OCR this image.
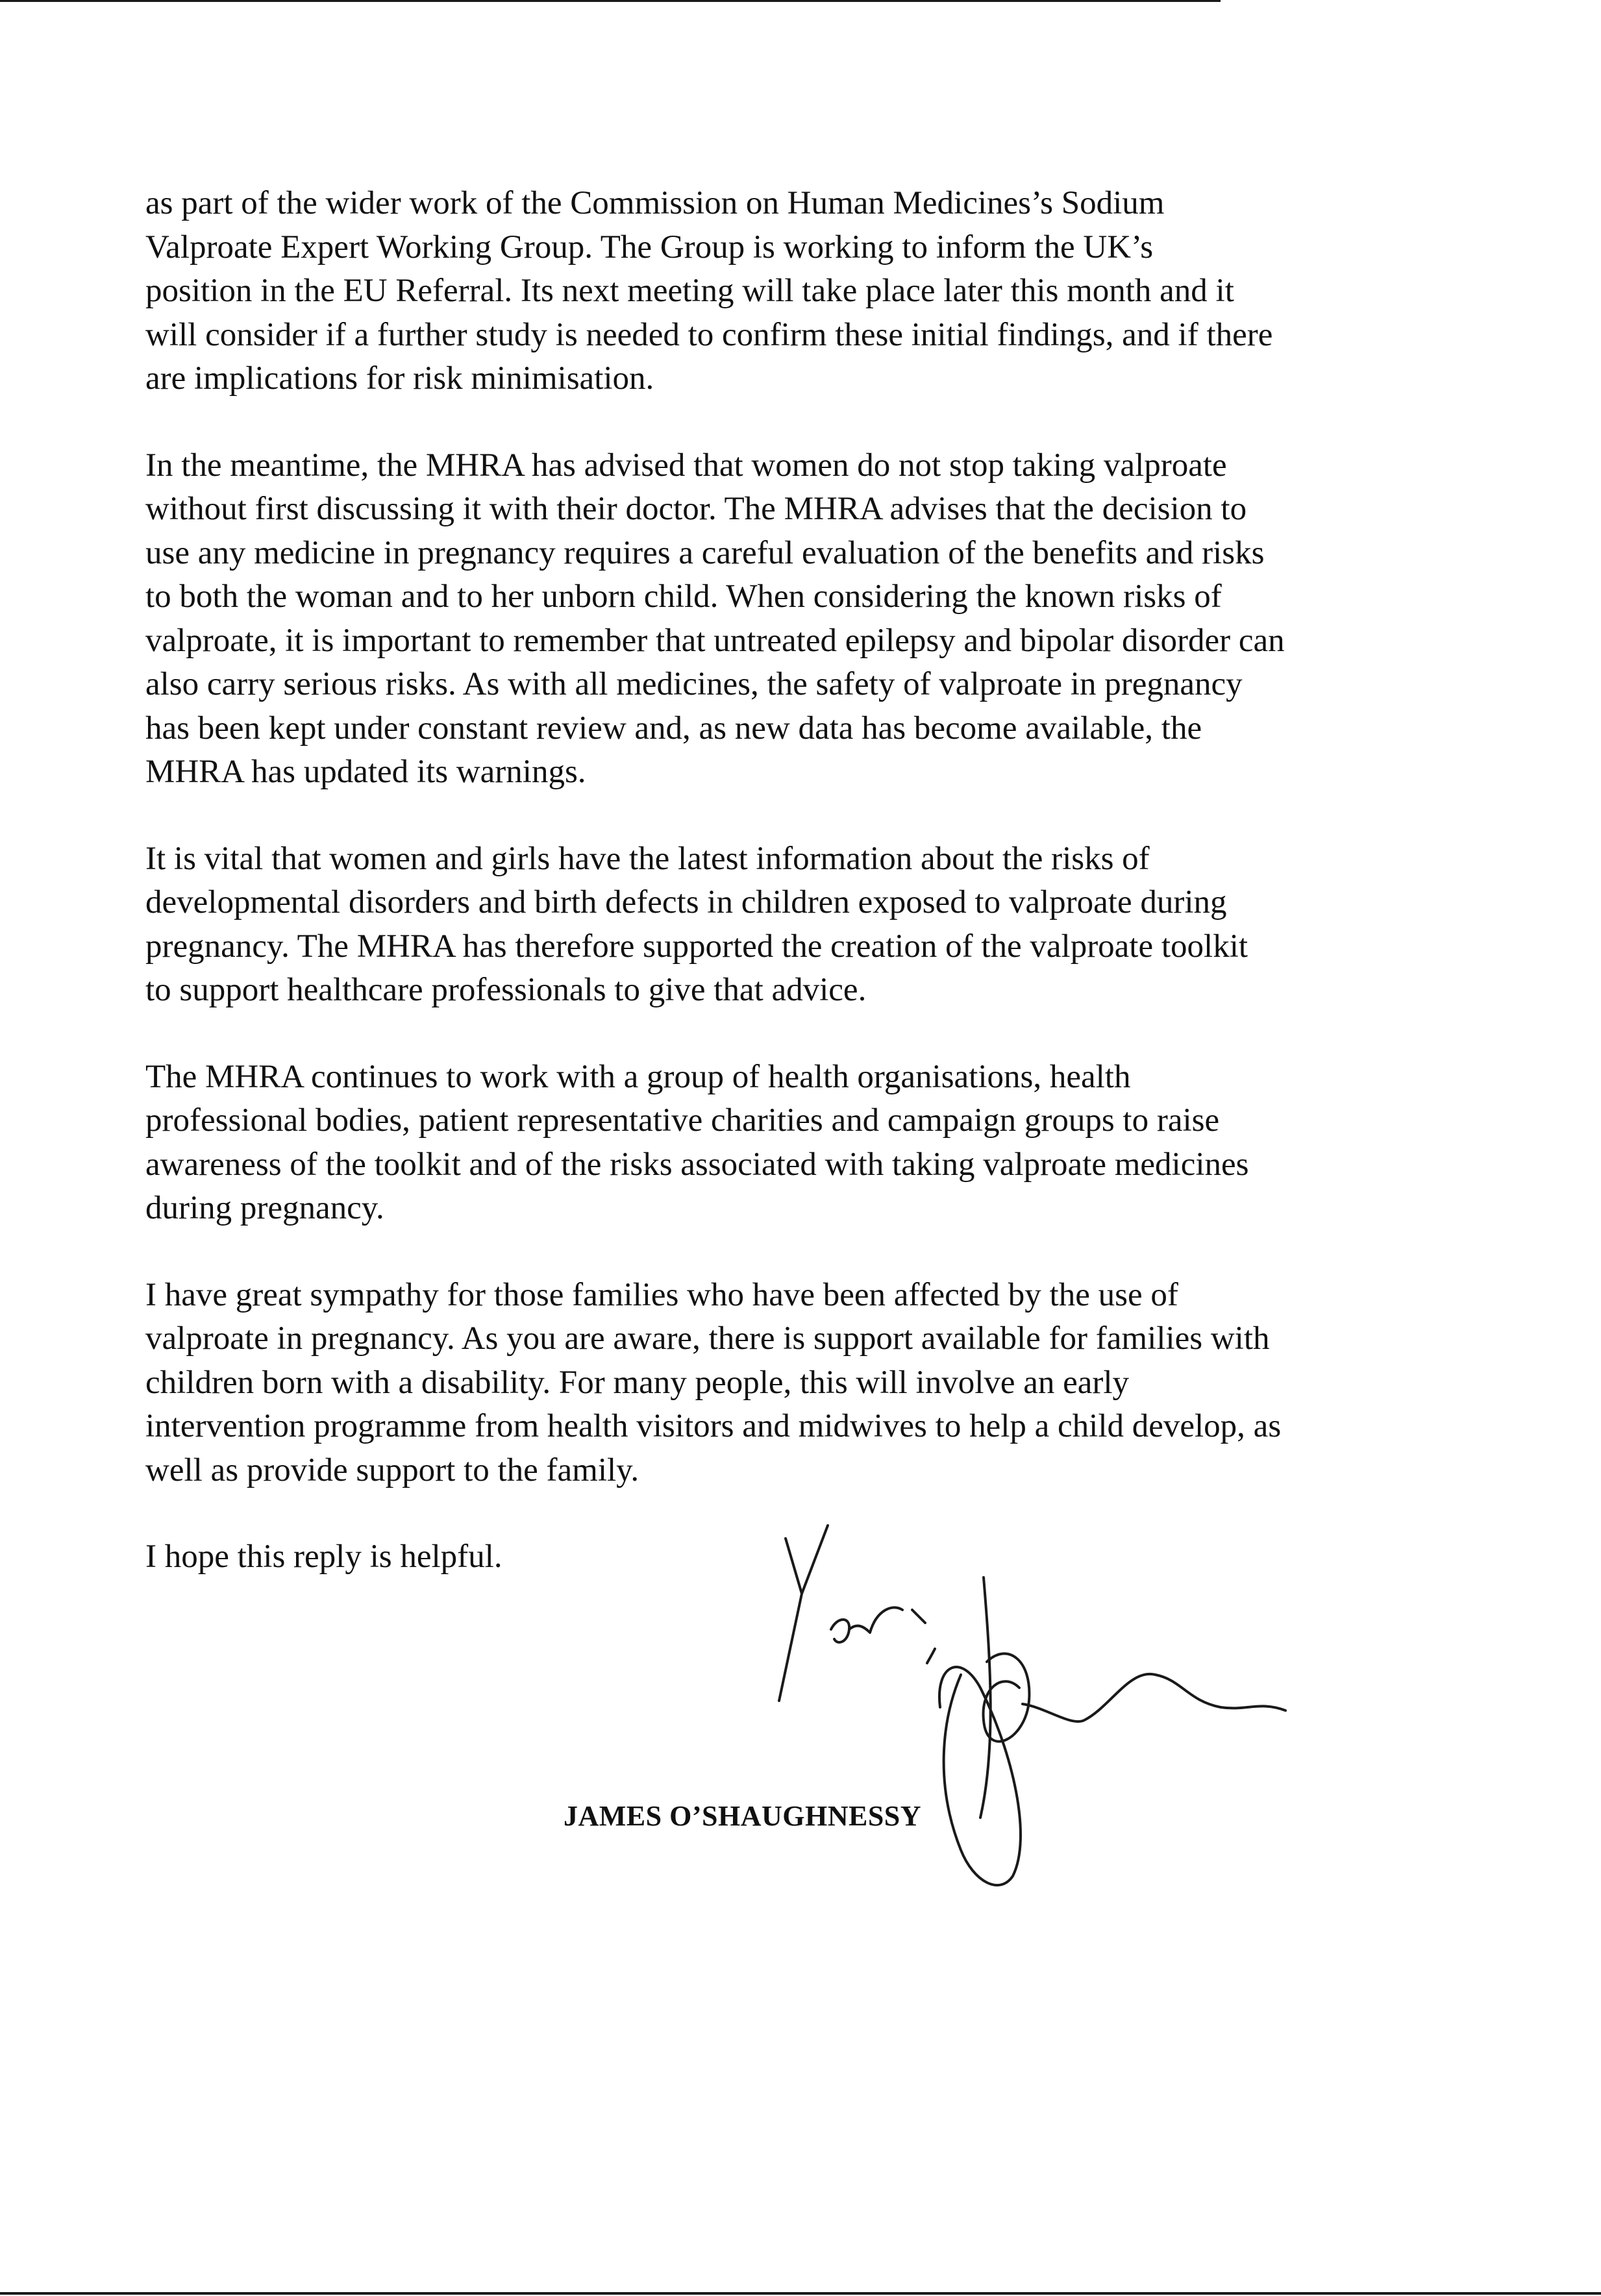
as part of the wider work of the Commission on Human Medicines’s Sodium
Valproate Expert Working Group. The Group is working to inform the UK’s
position in the EU Referral. Its next meeting will take place later this month and it
will consider if a further study is needed to confirm these initial findings, and if there
are implications for risk minimisation.

In the meantime, the MHRA has advised that women do not stop taking valproate
without first discussing it with their doctor. The MHRA advises that the decision to
use any medicine in pregnancy requires a careful evaluation of the benefits and risks
to both the woman and to her unborn child. When considering the known risks of
valproate, it is important to remember that untreated epilepsy and bipolar disorder can
also carry serious risks. As with all medicines, the safety of valproate in pregnancy
has been kept under constant review and, as new data has become available, the
MHRA has updated its warnings.

It is vital that women and girls have the latest information about the risks of
developmental disorders and birth defects in children exposed to valproate during
pregnancy. The MHRA has therefore supported the creation of the valproate toolkit
to support healthcare professionals to give that advice.

The MHRA continues to work with a group of health organisations, health
professional bodies, patient representative charities and campaign groups to raise
awareness of the toolkit and of the risks associated with taking valproate medicines
during pregnancy.

I have great sympathy for those families who have been affected by the use of
valproate in pregnancy. As you are aware, there is support available for families with
children born with a disability. For many people, this will involve an early
intervention programme from health visitors and midwives to help a child develop, as
well as provide support to the family.

I hope this reply is helpful.

JAMES O’SHAUGHNESSY
